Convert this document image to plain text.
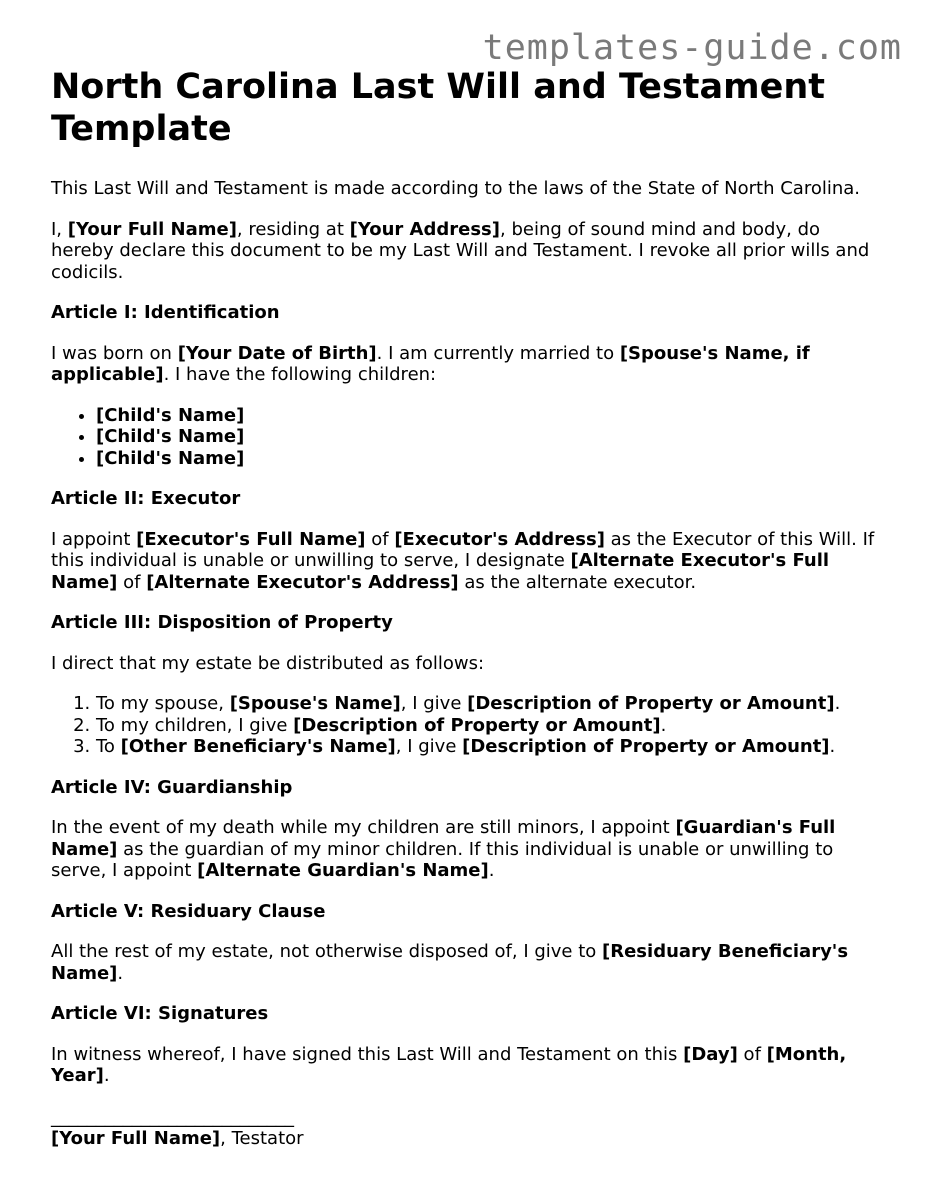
templates-guide.com
North Carolina Last Will and Testament Template

This Last Will and Testament is made according to the laws of the State of North Carolina.

I, [Your Full Name], residing at [Your Address], being of sound mind and body, do hereby declare this document to be my Last Will and Testament. I revoke all prior wills and codicils.

Article I: Identification

I was born on [Your Date of Birth]. I am currently married to [Spouse's Name, if applicable]. I have the following children:

• [Child's Name]
• [Child's Name]
• [Child's Name]
Article II: Executor

I appoint [Executor's Full Name] of [Executor's Address] as the Executor of this Will. If this individual is unable or unwilling to serve, I designate [Alternate Executor's Full Name] of [Alternate Executor's Address] as the alternate executor.

Article III: Disposition of Property

I direct that my estate be distributed as follows:

1. To my spouse, [Spouse's Name], I give [Description of Property or Amount].
2. To my children, I give [Description of Property or Amount].
3. To [Other Beneficiary's Name], I give [Description of Property or Amount].
Article IV: Guardianship

In the event of my death while my children are still minors, I appoint [Guardian's Full Name] as the guardian of my minor children. If this individual is unable or unwilling to serve, I appoint [Alternate Guardian's Name].

Article V: Residuary Clause

All the rest of my estate, not otherwise disposed of, I give to [Residuary Beneficiary's Name].

Article VI: Signatures

In witness whereof, I have signed this Last Will and Testament on this [Day] of [Month, Year].

___________________________
[Your Full Name], Testator
